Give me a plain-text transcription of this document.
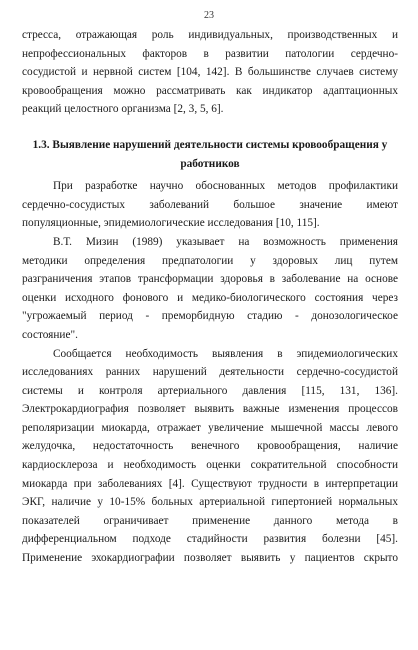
23
стресса, отражающая роль индивидуальных, производственных и
непрофессиональных факторов в развитии патологии сердечно-
сосудистой и нервной систем [104, 142]. В большинстве случаев систему
кровообращения можно рассматривать как индикатор адаптационных
реакций целостного организма [2, 3, 5, 6].
1.3. Выявление нарушений деятельности системы кровообращения у
работников
При разработке научно обоснованных методов профилактики
сердечно-сосудистых заболеваний большое значение имеют
популяционные, эпидемиологические исследования [10, 115].
В.Т. Мизин (1989) указывает на возможность применения
методики определения предпатологии у здоровых лиц путем
разграничения этапов трансформации здоровья в заболевание на основе
оценки исходного фонового и медико-биологического состояния через
"угрожаемый период - преморбидную стадию - донозологическое
состояние".
Сообщается необходимость выявления в эпидемиологических
исследованиях ранних нарушений деятельности сердечно-сосудистой
системы и контроля артериального давления [115, 131, 136].
Электрокардиография позволяет выявить важные изменения процессов
реполяризации миокарда, отражает увеличение мышечной массы левого
желудочка, недостаточность венечного кровообращения, наличие
кардиосклероза и необходимость оценки сократительной способности
миокарда при заболеваниях [4]. Существуют трудности в интерпретации
ЭКГ, наличие у 10-15% больных артериальной гипертонией нормальных
показателей ограничивает применение данного метода в
дифференциальном подходе стадийности развития болезни [45].
Применение эхокардиографии позволяет выявить у пациентов скрыто
